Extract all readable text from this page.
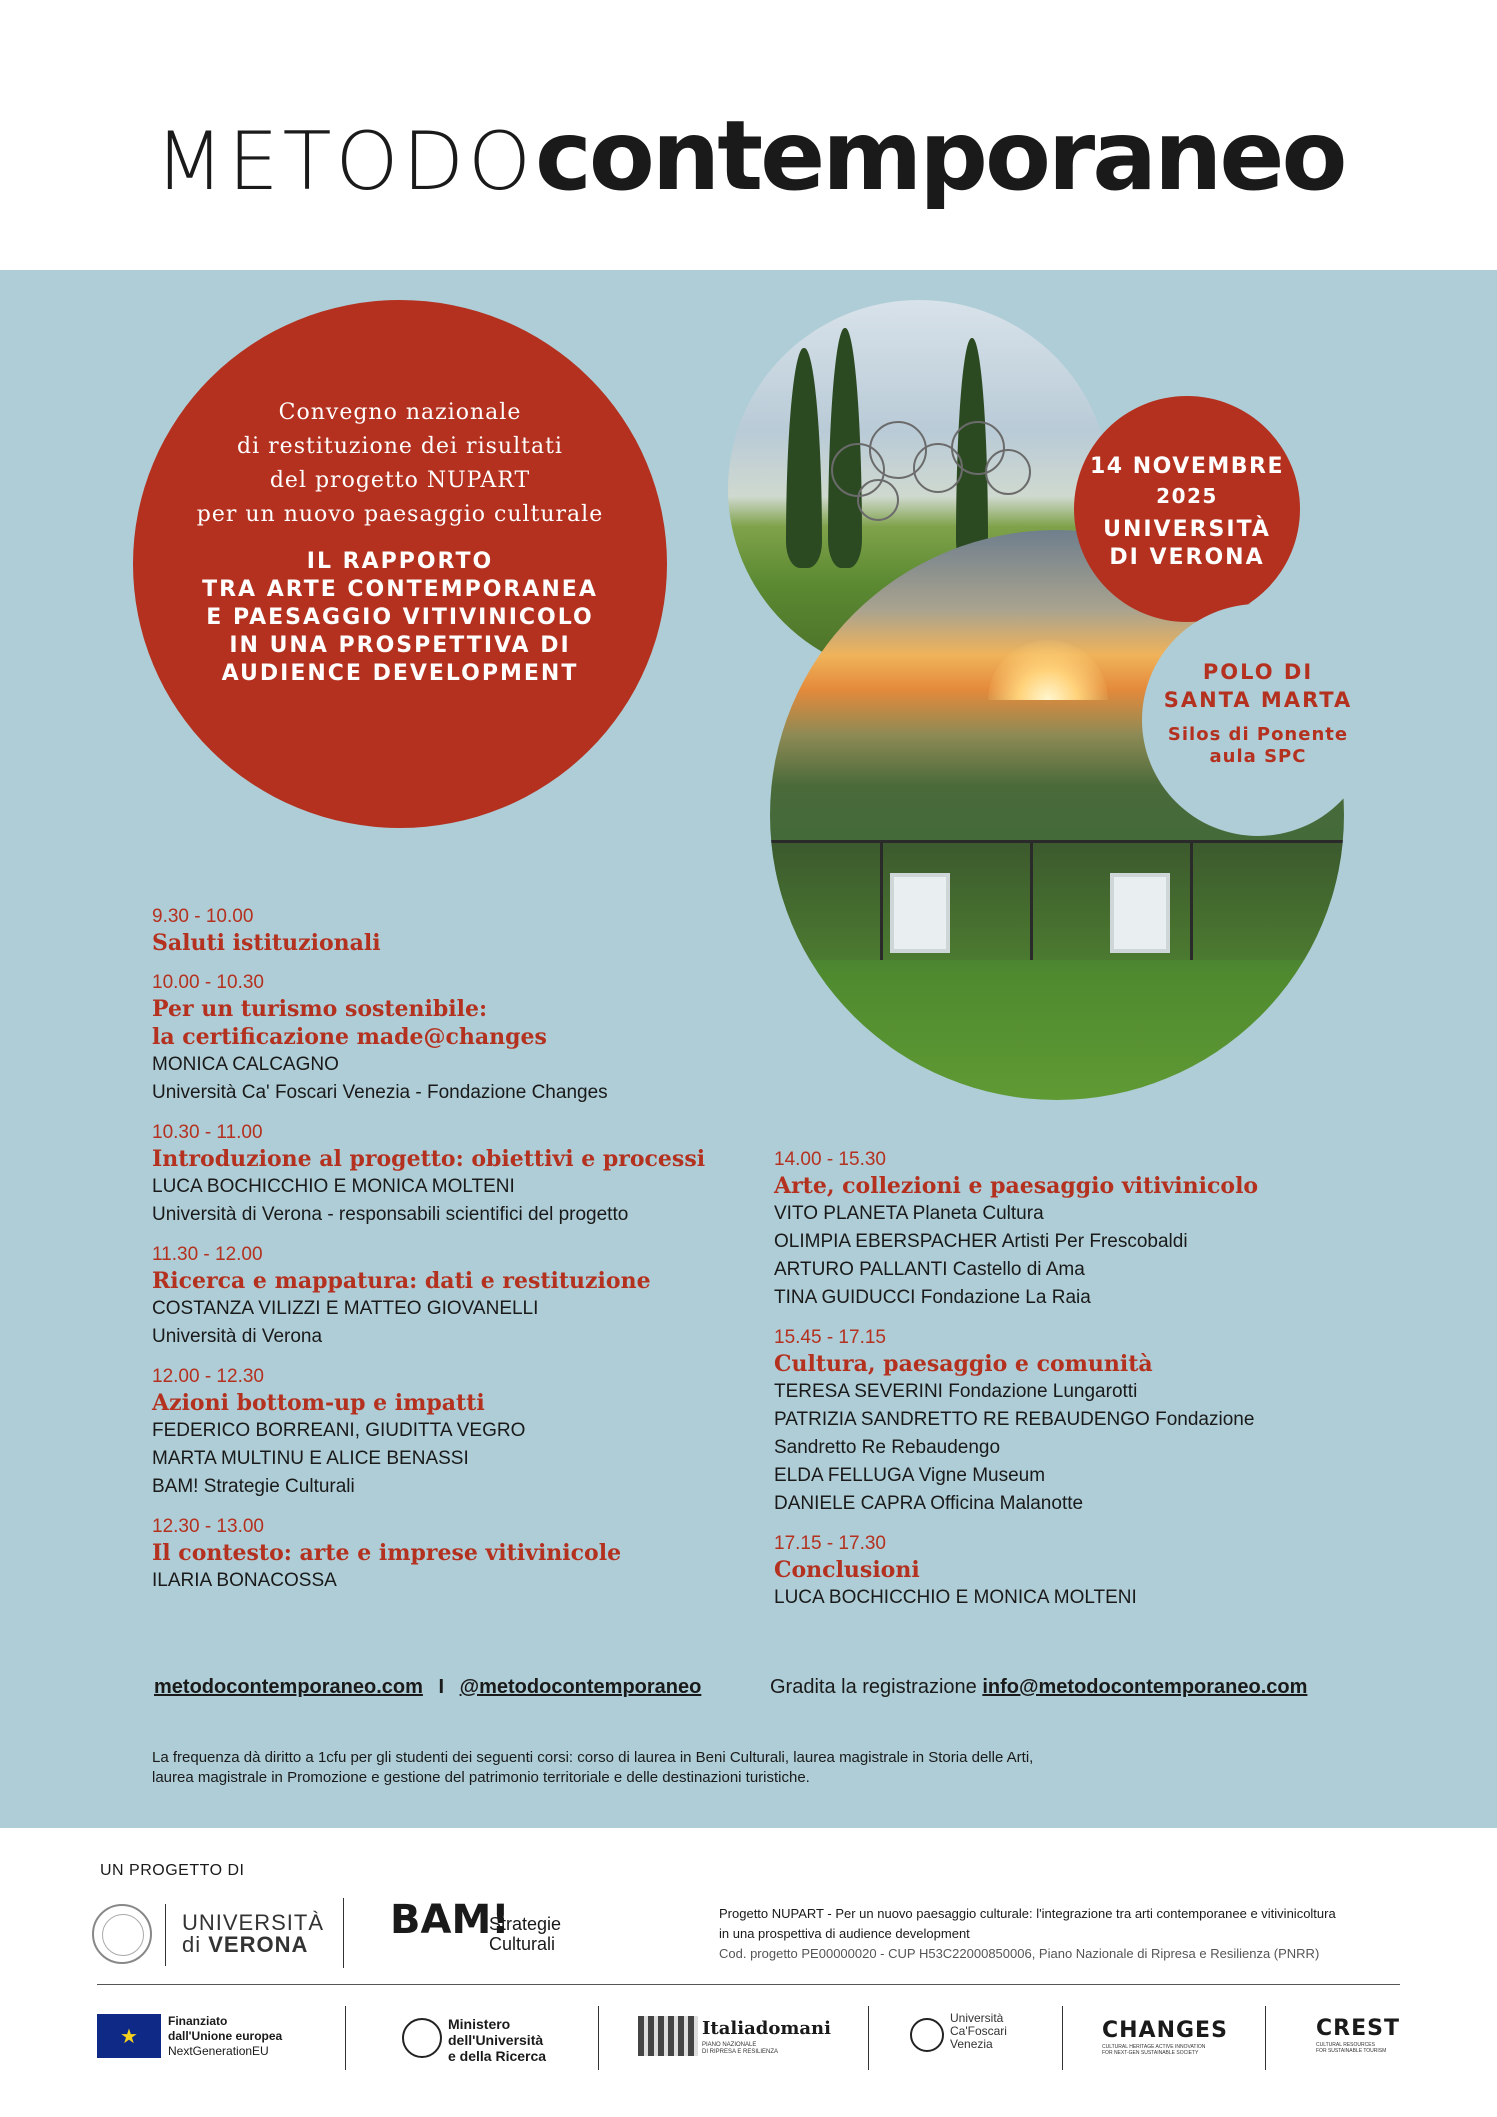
METODOcontemporaneo
Convegno nazionale
di restituzione dei risultati
del progetto NUPART
per un nuovo paesaggio culturale
IL RAPPORTO
TRA ARTE CONTEMPORANEA
E PAESAGGIO VITIVINICOLO
IN UNA PROSPETTIVA DI
AUDIENCE DEVELOPMENT
14 NOVEMBRE
2025
UNIVERSITÀ
DI VERONA
POLO DI
SANTA MARTA
Silos di Ponente
aula SPC
9.30 - 10.00
Saluti istituzionali
10.00 - 10.30
Per un turismo sostenibile:
la certificazione made@changes
MONICA CALCAGNO
Università Ca' Foscari Venezia - Fondazione Changes
10.30 - 11.00
Introduzione al progetto: obiettivi e processi
LUCA BOCHICCHIO E MONICA MOLTENI
Università di Verona - responsabili scientifici del progetto
11.30 - 12.00
Ricerca e mappatura: dati e restituzione
COSTANZA VILIZZI E MATTEO GIOVANELLI
Università di Verona
12.00 - 12.30
Azioni bottom-up e impatti
FEDERICO BORREANI, GIUDITTA VEGRO
MARTA MULTINU E ALICE BENASSI
BAM! Strategie Culturali
12.30 - 13.00
Il contesto: arte e imprese vitivinicole
ILARIA BONACOSSA
14.00 - 15.30
Arte, collezioni e paesaggio vitivinicolo
VITO PLANETA Planeta Cultura
OLIMPIA EBERSPACHER Artisti Per Frescobaldi
ARTURO PALLANTI Castello di Ama
TINA GUIDUCCI Fondazione La Raia
15.45 - 17.15
Cultura, paesaggio e comunità
TERESA SEVERINI Fondazione Lungarotti
PATRIZIA SANDRETTO RE REBAUDENGO Fondazione
Sandretto Re Rebaudengo
ELDA FELLUGA Vigne Museum
DANIELE CAPRA Officina Malanotte
17.15 - 17.30
Conclusioni
LUCA BOCHICCHIO E MONICA MOLTENI
metodocontemporaneo.com I @metodocontemporaneo	Gradita la registrazione info@metodocontemporaneo.com
La frequenza dà diritto a 1cfu per gli studenti dei seguenti corsi: corso di laurea in Beni Culturali, laurea magistrale in Storia delle Arti,
laurea magistrale in Promozione e gestione del patrimonio territoriale e delle destinazioni turistiche.
UN PROGETTO DI
UNIVERSITÀ
di VERONA
BAM!
Strategie
Culturali
Progetto NUPART - Per un nuovo paesaggio culturale: l'integrazione tra arti contemporanee e vitivinicoltura
in una prospettiva di audience development
Cod. progetto PE00000020 - CUP H53C22000850006, Piano Nazionale di Ripresa e Resilienza (PNRR)
★
Finanziato
dall'Unione europea
NextGenerationEU
Ministero
dell'Università
e della Ricerca
Italiadomani
PIANO NAZIONALE
DI RIPRESA E RESILIENZA
Università
Ca'Foscari
Venezia
CHANGES
CULTURAL HERITAGE ACTIVE INNOVATION
FOR NEXT-GEN SUSTAINABLE SOCIETY
CREST
CULTURAL RESOURCES
FOR SUSTAINABLE TOURISM
